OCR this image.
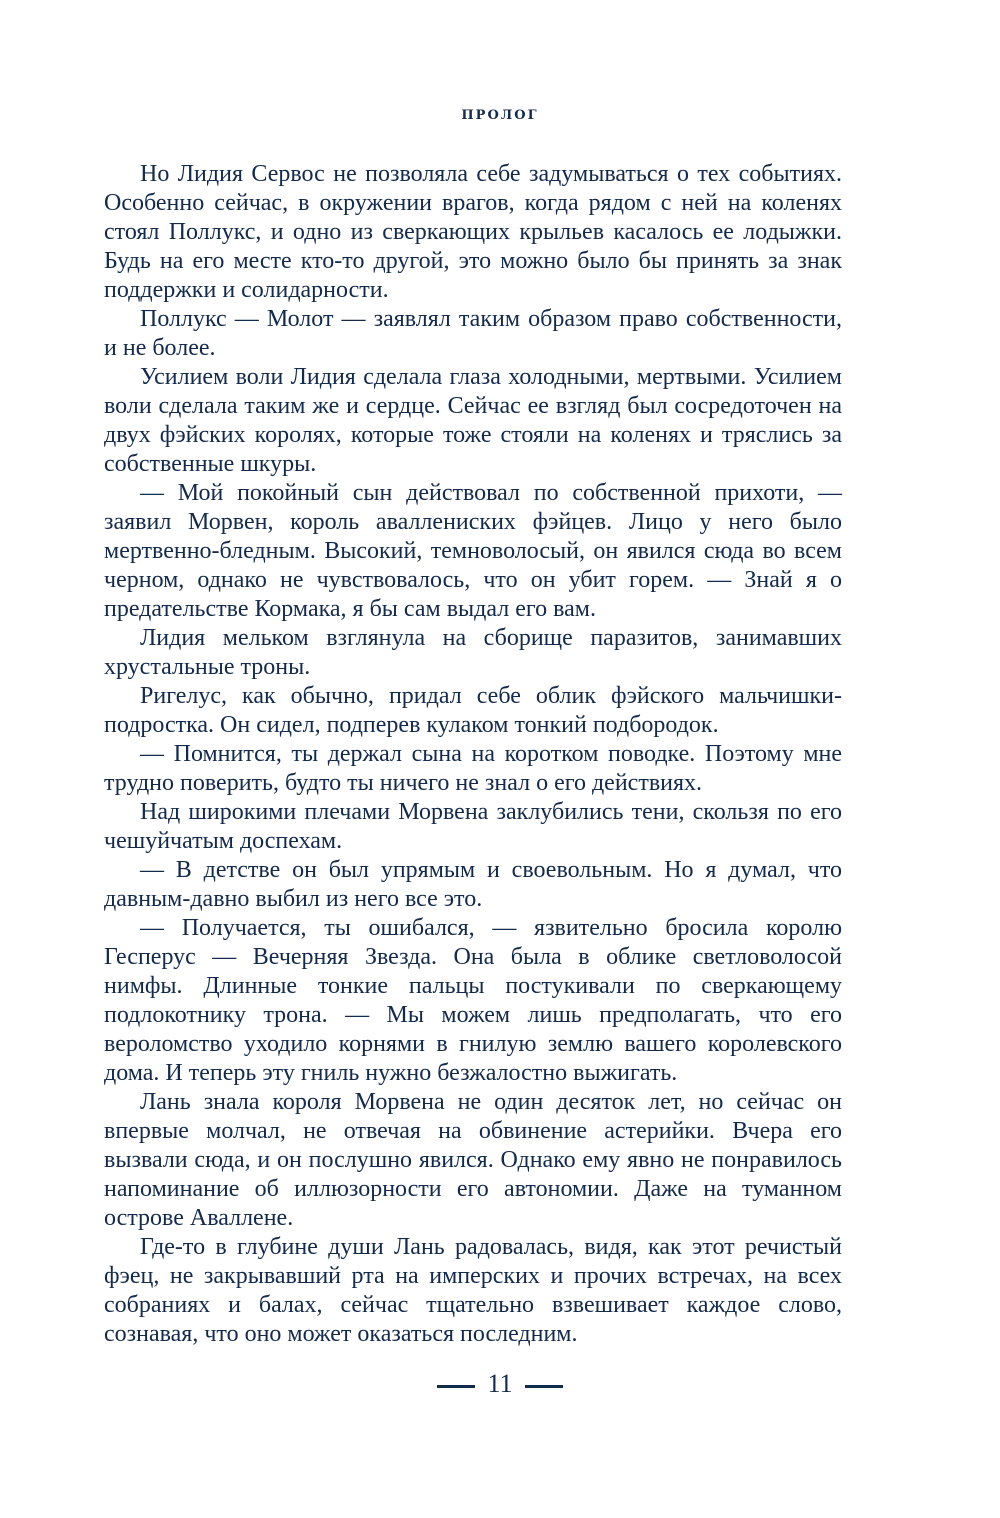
пролог

Но Лидия Сервос не позволяла себе задумываться о тех событиях. Особенно сейчас, в окружении врагов, когда рядом с ней на коленях стоял Поллукс, и одно из сверкающих крыльев касалось ее лодыжки. Будь на его месте кто-то другой, это можно было бы принять за знак поддержки и солидарности.

Поллукс — Молот — заявлял таким образом право собственности, и не более.

Усилием воли Лидия сделала глаза холодными, мертвыми. Усилием воли сделала таким же и сердце. Сейчас ее взгляд был сосредоточен на двух фэйских королях, которые тоже стояли на коленях и тряслись за собственные шкуры.

— Мой покойный сын действовал по собственной прихоти, — заявил Морвен, король аваллениских фэйцев. Лицо у него было мертвенно-бледным. Высокий, темноволосый, он явился сюда во всем черном, однако не чувствовалось, что он убит горем. — Знай я о предательстве Кормака, я бы сам выдал его вам.

Лидия мельком взглянула на сборище паразитов, занимавших хрустальные троны.

Ригелус, как обычно, придал себе облик фэйского мальчишки-подростка. Он сидел, подперев кулаком тонкий подбородок.

— Помнится, ты держал сына на коротком поводке. Поэтому мне трудно поверить, будто ты ничего не знал о его действиях.

Над широкими плечами Морвена заклубились тени, скользя по его чешуйчатым доспехам.

— В детстве он был упрямым и своевольным. Но я думал, что давным-давно выбил из него все это.

— Получается, ты ошибался, — язвительно бросила королю Гесперус — Вечерняя Звезда. Она была в облике светловолосой нимфы. Длинные тонкие пальцы постукивали по сверкающему подлокотнику трона. — Мы можем лишь предполагать, что его вероломство уходило корнями в гнилую землю вашего королевского дома. И теперь эту гниль нужно безжалостно выжигать.

Лань знала короля Морвена не один десяток лет, но сейчас он впервые молчал, не отвечая на обвинение астерийки. Вчера его вызвали сюда, и он послушно явился. Однако ему явно не понравилось напоминание об иллюзорности его автономии. Даже на туманном острове Аваллене.

Где-то в глубине души Лань радовалась, видя, как этот речистый фэец, не закрывавший рта на имперских и прочих встречах, на всех собраниях и балах, сейчас тщательно взвешивает каждое слово, сознавая, что оно может оказаться последним.

11
